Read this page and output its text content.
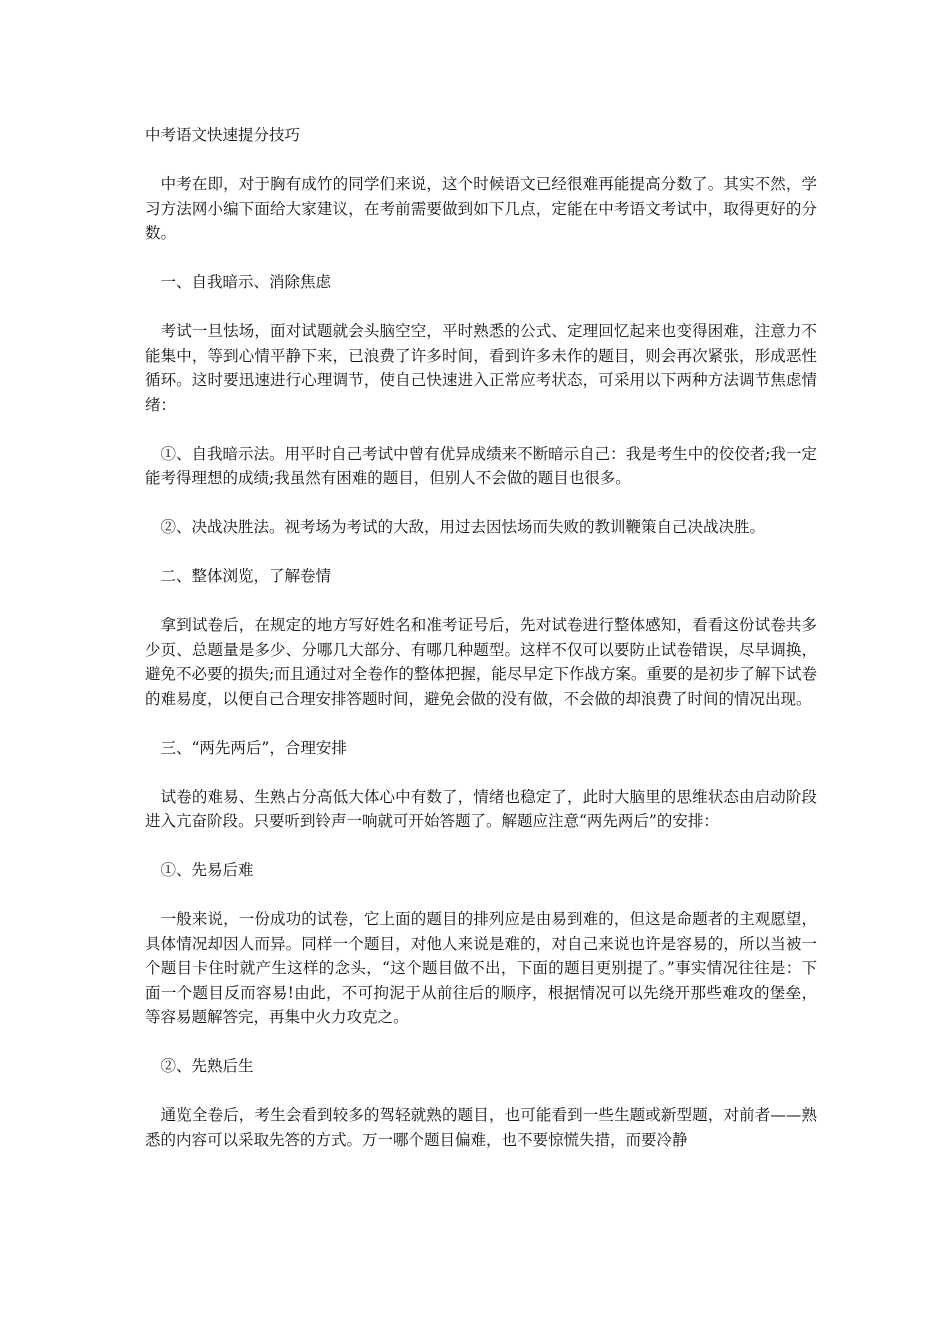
中考语文快速提分技巧

　中考在即，对于胸有成竹的同学们来说，这个时候语文已经很难再能提高分数了。其实不然，学习方法网小编下面给大家建议，在考前需要做到如下几点，定能在中考语文考试中，取得更好的分数。

　一、自我暗示、消除焦虑

　考试一旦怯场，面对试题就会头脑空空，平时熟悉的公式、定理回忆起来也变得困难，注意力不能集中，等到心情平静下来，已浪费了许多时间，看到许多未作的题目，则会再次紧张，形成恶性循环。这时要迅速进行心理调节，使自己快速进入正常应考状态，可采用以下两种方法调节焦虑情绪：

　①、自我暗示法。用平时自己考试中曾有优异成绩来不断暗示自己：我是考生中的佼佼者;我一定能考得理想的成绩;我虽然有困难的题目，但别人不会做的题目也很多。

　②、决战决胜法。视考场为考试的大敌，用过去因怯场而失败的教训鞭策自己决战决胜。

　二、整体浏览，了解卷情

　拿到试卷后，在规定的地方写好姓名和准考证号后，先对试卷进行整体感知，看看这份试卷共多少页、总题量是多少、分哪几大部分、有哪几种题型。这样不仅可以要防止试卷错误，尽早调换，避免不必要的损失;而且通过对全卷作的整体把握，能尽早定下作战方案。重要的是初步了解下试卷的难易度，以便自己合理安排答题时间，避免会做的没有做，不会做的却浪费了时间的情况出现。

　三、“两先两后”，合理安排

　试卷的难易、生熟占分高低大体心中有数了，情绪也稳定了，此时大脑里的思维状态由启动阶段进入亢奋阶段。只要听到铃声一响就可开始答题了。解题应注意“两先两后”的安排：

　①、先易后难

　一般来说，一份成功的试卷，它上面的题目的排列应是由易到难的，但这是命题者的主观愿望，具体情况却因人而异。同样一个题目，对他人来说是难的，对自己来说也许是容易的，所以当被一个题目卡住时就产生这样的念头，“这个题目做不出，下面的题目更别提了。”事实情况往往是：下面一个题目反而容易!由此，不可拘泥于从前往后的顺序，根据情况可以先绕开那些难攻的堡垒，等容易题解答完，再集中火力攻克之。

　②、先熟后生

　通览全卷后，考生会看到较多的驾轻就熟的题目，也可能看到一些生题或新型题，对前者——熟悉的内容可以采取先答的方式。万一哪个题目偏难，也不要惊慌失措，而要冷静
